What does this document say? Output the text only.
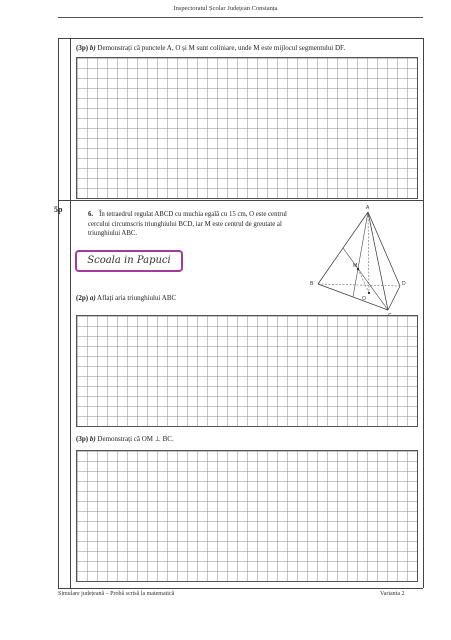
Inspectoratul Școlar Județean Constanța
(3p) b) Demonstrați că punctele A, O și M sunt coliniare, unde M este mijlocul segmentului DF.
5p
6. În tetraedrul regulat ABCD cu muchia egală cu 15 cm, O este centrul cercului circumscris triunghiului BCD, iar M este centrul de greutate al triunghiului ABC.
Scoala in Papuci
A
B	D
M
O
(2p) a) Aflați aria triunghiului ABC
(3p) b) Demonstrați că OM ⊥ BC.
Simulare județeană – Probă scrisă la matematică	Varianta 2
